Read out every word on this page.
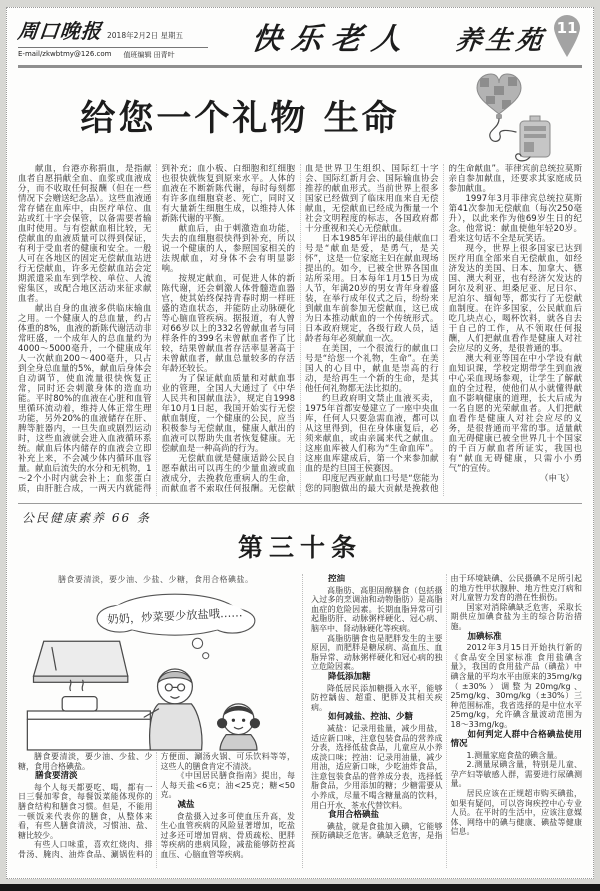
周口晚报 2018年2月2日 星期五
E-mail/zkwbtmy@126.com 值班编辑 田青叶 快乐老人 养生苑 11
给您一个礼物 生命

献血，台港亦称捐血，是指献血者自愿捐献全血、血浆或血液成分，而不收取任何报酬（但在一些情况下会赠送纪念品）。这些血液通常存储在血库中，由医疗单位、血站或红十字会保管，以备需要者输血时使用。与有偿献血相比较，无偿献血的血液质量可以得到保证，有利于受血者的健康和安全。一般人可在各地区的固定无偿献血站进行无偿献血，许多无偿献血站会定期派遣采血车到学校、单位、人流密集区，或配合地区活动来征求献血者。

献出自身的血液多供临床输血之用。一个健康人的总血量，约占体重的8%，血液的新陈代谢活动非常旺盛，一个成年人的总血量约为4000～5000毫升，一个健康成年人一次献血200～400毫升，只占到全身总血量的5%，献血后身体会自动调节，使血流量很快恢复正常，同时还会刺激身体的造血功能。平时80%的血液在心脏和血管里循环流动着，维持人体正常生理功能，另外20%的血液储存在肝、脾等脏器内，一旦失血或剧烈运动时，这些血液就会进入血液循环系统。献血后体内储存的血液会立即补充上来，不会减少体内循环血容量。献血后流失的水分和无机物，1～2个小时内就会补上；血浆蛋白质，由肝脏合成，一两天内就能得到补充；血小板、白细胞和红细胞也很快就恢复到原来水平。人体的血液在不断新陈代谢，每时每刻都有许多血细胞衰老、死亡，同时又有大量新生细胞生成，以维持人体新陈代谢的平衡。

献血后，由于刺激造血功能，失去的血细胞很快得到补充，所以说一个健康的人，参照国家相关的法规献血，对身体不会有明显影响。

按规定献血，可促进人体的新陈代谢，还会刺激人体骨髓造血器官，使其始终保持青春时期一样旺盛的造血状态，并能防止动脉硬化等心脑血管疾病。据报道，有人曾对66岁以上的332名曾献血者与同样条件的399名未曾献血者作了比较，结果曾献血者存活率显著高于未曾献血者，献血总量较多的存活年龄还较长。

为了保证献血质量和对献血事业的管理，全国人大通过了《中华人民共和国献血法》，规定自1998年10月1日起，我国开始实行无偿献血制度，一个健康的公民，应当积极参与无偿献血，健康人献出的血液可以帮助失血者恢复健康。无偿献血是一种高尚的行为。

无偿献血就是健康适龄公民自愿奉献出可以再生的少量血液或血液成分，去挽救危重病人的生命，而献血者不索取任何报酬。无偿献血是世界卫生组织、国际红十字会、国际红新月会、国际输血协会推荐的献血形式。当前世界上很多国家已经做到了临床用血来自无偿献血，无偿献血已经成为衡量一个社会文明程度的标志，各国政府都十分重视和关心无偿献血。

日本1985年评出的最佳献血口号是“献血是爱，是勇气，是关怀”，这是一位家庭主妇在献血现场提出的。如今，已被全世界各国血站所采用。日本每年1月15日为成人节，年满20岁的男女青年身着盛装，在举行成年仪式之后，纷纷来到献血车前参加无偿献血，这已成为日本推动献血的一个传统形式。日本政府规定，各级行政人员，适龄者每年必须献血一次。

在美国，一个很流行的献血口号是“给您一个礼物，生命”。在美国人的心目中，献血是崇高的行动，是给再生一个新的生命，是其他任何礼物都无法比拟的。

约旦政府明文禁止血液买卖，1975年首都安曼建立了一座中央血库，任何人只要急需血液，都可以从这里得到，但在身体康复后，必须来献血，或由亲属来代之献血。这座血库被人们称为“生命血库”。这座血库建成后，第一个来参加献血的是约旦国王侯赛因。

印度尼西亚献血口号是“您能为您的同胞做出的最大贡献是挽救他的生命献血”。菲律宾前总统拉莫斯亲自参加献血，还要求其家庭成员参加献血。

1997年3月菲律宾总统拉莫斯第41次参加无偿献血（每次250毫升），以此来作为他69岁生日的纪念。他常说：献血使他年轻20岁。看来这句话不全是玩笑话。

现今，世界上很多国家已达到医疗用血全部来自无偿献血，如经济发达的美国、日本、加拿大、德国、澳大利亚，也有经济欠发达的阿尔及利亚、坦桑尼亚、尼日尔、尼泊尔、缅甸等，都实行了无偿献血制度。在许多国家，公民献血后吃几块点心，喝杯饮料，就各自去干自己的工作，从不领取任何报酬，人们把献血看作是健康人对社会应尽的义务，是很普通的事。

澳大利亚等国在中小学设有献血知识课，学校定期带学生到血液中心采血现场参观，让学生了解献血的全过程，使他们从小就懂得献血不影响健康的道理，长大后成为一名自愿的光荣献血者。人们把献血看作是健康人对社会应尽的义务，是很普通而平常的事。适量献血无碍健康已被全世界几十个国家的千百万献血者所证实，我国也有“献血无碍健康，只需小小勇气”的宣传。

（申飞）

公民健康素养 66 条
第三十条
膳食要清淡，要少油、少盐、少糖，食用合格碘盐。
奶奶，炒菜要少放盐哦……

膳食要清淡，要少油、少盐、少糖，食用合格碘盐。

膳食要清淡

每个人每天都要吃、喝，都有一日三餐加零食，每餐饭菜能体现你的膳食结构和膳食习惯。但是，不能用一顿饭来代表你的膳食，从整体来看，有些人膳食清淡，习惯油、盐、糖比较少。

有些人口味重，喜欢红烧肉、排骨汤、腌肉、油炸食品、涮锅佐料的方便面、涮汤火锅、可乐饮料等等，这些人的膳食肯定不清淡。

《中国居民膳食指南》提出，每人每天盐<6克；油<25克；糖<50克。

减盐

食盐摄入过多可使血压升高，发生心血管疾病的风险显著增加，吃盐过多还可增加胃病、骨质疏松、肥胖等疾病的患病风险，减盐能够防控高血压、心脑血管等疾病。

控油

高脂肪、高胆固醇膳食（包括摄入过多的烹调油和动物脂肪）是高脂血症的危险因素。长期血脂异常可引起脂肪肝、动脉粥样硬化、冠心病、脑卒中、肾动脉硬化等疾病。

高脂肪膳食也是肥胖发生的主要原因，而肥胖是糖尿病、高血压、血脂异常、动脉粥样硬化和冠心病的独立危险因素。

降低添加糖

降低居民添加糖摄入水平，能够防控龋齿、超重、肥胖及其相关疾病。

如何减盐、控油、少糖

减盐：记录用盐量，减少用盐，适应新口味，注意包装食品的营养成分表，选择低盐食品，儿童应从小养成淡口味；控油：记录用油量，减少用油，适应新口味，少吃油炸食品，注意包装食品的营养成分表，选择低脂食品，少用添加的糖；少糖需要从小养成，尽量不喝含糖量高的饮料，用白开水、茶水代替饮料。

食用合格碘盐

碘盐，就是食盐加入碘，它能够预防碘缺乏危害。碘缺乏危害，是指由于环境缺碘、公民摄碘不足所引起的地方性甲状腺肿、地方性克汀病和对儿童智力发育的潜在性损伤。

国家对消除碘缺乏危害，采取长期供应加碘食盐为主的综合防治措施。

加碘标准

2012年3月15日开始执行新的《食品安全国家标准 食用盐碘含量》，我国的食用盐产品（碘盐）中碘含量的平均水平由原来的35mg/kg（±30%）调整为20mg/kg、25mg/kg、30mg/kg（±30%）三种范围标准，我省选择的是中位水平25mg/kg，允许碘含量波动范围为18～33mg/kg。

如何判定人群中合格碘盐使用情况

1.测量家庭食盐的碘含量。

2.测量尿碘含量，特别是儿童、孕产妇等敏感人群，需要进行尿碘测量。

居民应该在正规超市购买碘盐，如果有疑问，可以咨询疾控中心专业人员。在平时的生活中，应该注意媒体、网络中的碘与健康、碘盐等健康信息。
